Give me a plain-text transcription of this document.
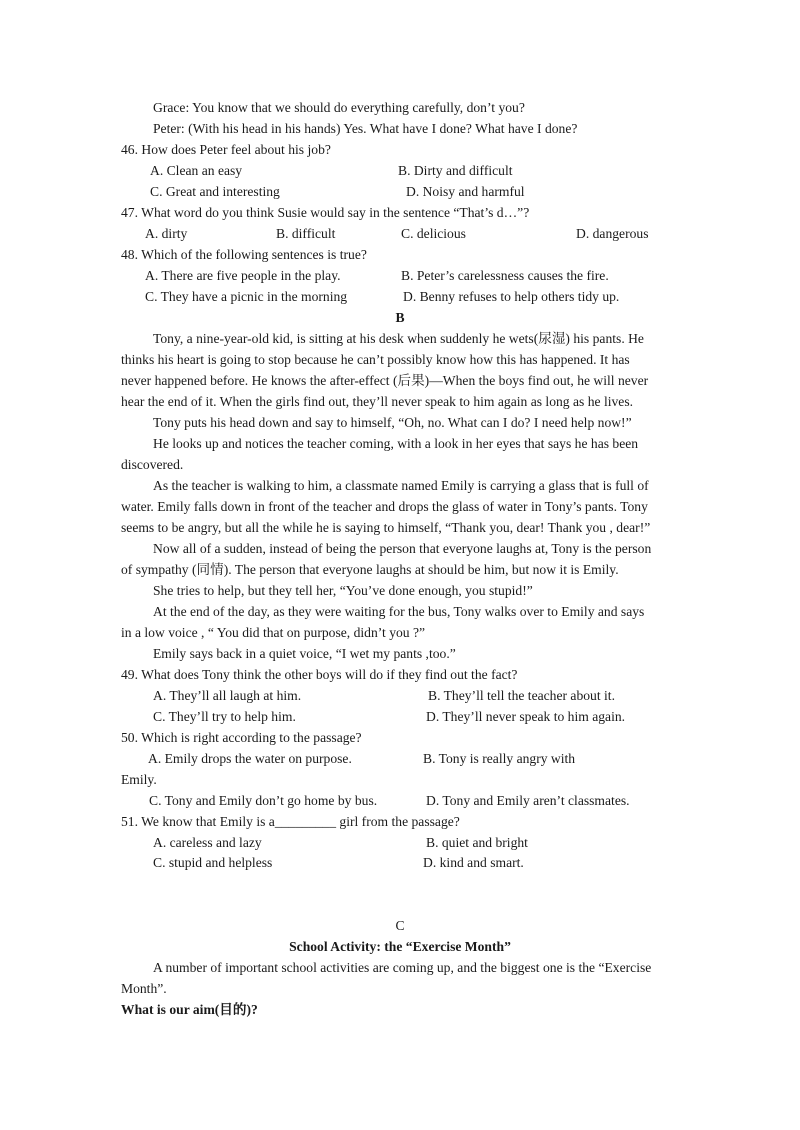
Grace: You know that we should do everything carefully, don’t you?
Peter: (With his head in his hands) Yes. What have I done? What have I done?
46. How does Peter feel about his job?
A. Clean an easy	B. Dirty and difficult
C. Great and interesting	D. Noisy and harmful
47. What word do you think Susie would say in the sentence “That’s d…”?
A. dirty	B. difficult	C. delicious	D. dangerous
48. Which of the following sentences is true?
A. There are five people in the play.	B. Peter’s carelessness causes the fire.
C. They have a picnic in the morning	D. Benny refuses to help others tidy up.
B
Tony, a nine-year-old kid, is sitting at his desk when suddenly he wets(尿湿) his pants. He
thinks his heart is going to stop because he can’t possibly know how this has happened. It has
never happened before. He knows the after-effect (后果)—When the boys find out, he will never
hear the end of it. When the girls find out, they’ll never speak to him again as long as he lives.
Tony puts his head down and say to himself, “Oh, no. What can I do? I need help now!”
He looks up and notices the teacher coming, with a look in her eyes that says he has been
discovered.
As the teacher is walking to him, a classmate named Emily is carrying a glass that is full of
water. Emily falls down in front of the teacher and drops the glass of water in Tony’s pants. Tony
seems to be angry, but all the while he is saying to himself, “Thank you, dear! Thank you , dear!”
Now all of a sudden, instead of being the person that everyone laughs at, Tony is the person
of sympathy (同情). The person that everyone laughs at should be him, but now it is Emily.
She tries to help, but they tell her, “You’ve done enough, you stupid!”
At the end of the day, as they were waiting for the bus, Tony walks over to Emily and says
in a low voice , “ You did that on purpose, didn’t you ?”
Emily says back in a quiet voice, “I wet my pants ,too.”
49. What does Tony think the other boys will do if they find out the fact?
A. They’ll all laugh at him.	B. They’ll tell the teacher about it.
C. They’ll try to help him.	D. They’ll never speak to him again.
50. Which is right according to the passage?
A. Emily drops the water on purpose.	B. Tony is really angry with
Emily.
C. Tony and Emily don’t go home by bus.	D. Tony and Emily aren’t classmates.
51. We know that Emily is a_________ girl from the passage?
A. careless and lazy	B. quiet and bright
C. stupid and helpless	D. kind and smart.
C
School Activity: the “Exercise Month”
A number of important school activities are coming up, and the biggest one is the “Exercise
Month”.
What is our aim(目的)?
